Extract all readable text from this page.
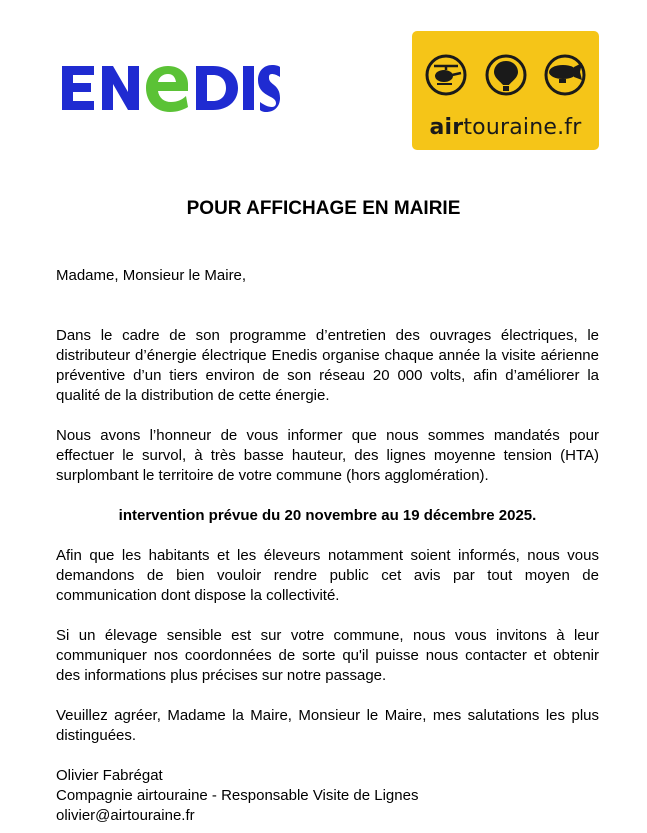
airtouraine.fr
POUR AFFICHAGE EN MAIRIE

Madame, Monsieur le Maire,

Dans le cadre de son programme d’entretien des ouvrages électriques, le distributeur d’énergie électrique Enedis organise chaque année la visite aérienne préventive d’un tiers environ de son réseau 20 000 volts, afin d’améliorer la qualité de la distribution de cette énergie.

Nous avons l’honneur de vous informer que nous sommes mandatés pour effectuer le survol, à très basse hauteur, des lignes moyenne tension (HTA) surplombant le territoire de votre commune (hors agglomération).

intervention prévue du 20 novembre au 19 décembre 2025.

Afin que les habitants et les éleveurs notamment soient informés, nous vous demandons de bien vouloir rendre public cet avis par tout moyen de communication dont dispose la collectivité.

Si un élevage sensible est sur votre commune, nous vous invitons à leur communiquer nos coordonnées de sorte qu'il puisse nous contacter et obtenir des informations plus précises sur notre passage.

Veuillez agréer, Madame la Maire, Monsieur le Maire, mes salutations les plus distinguées.

Olivier Fabrégat

Compagnie airtouraine - Responsable Visite de Lignes

olivier@airtouraine.fr
